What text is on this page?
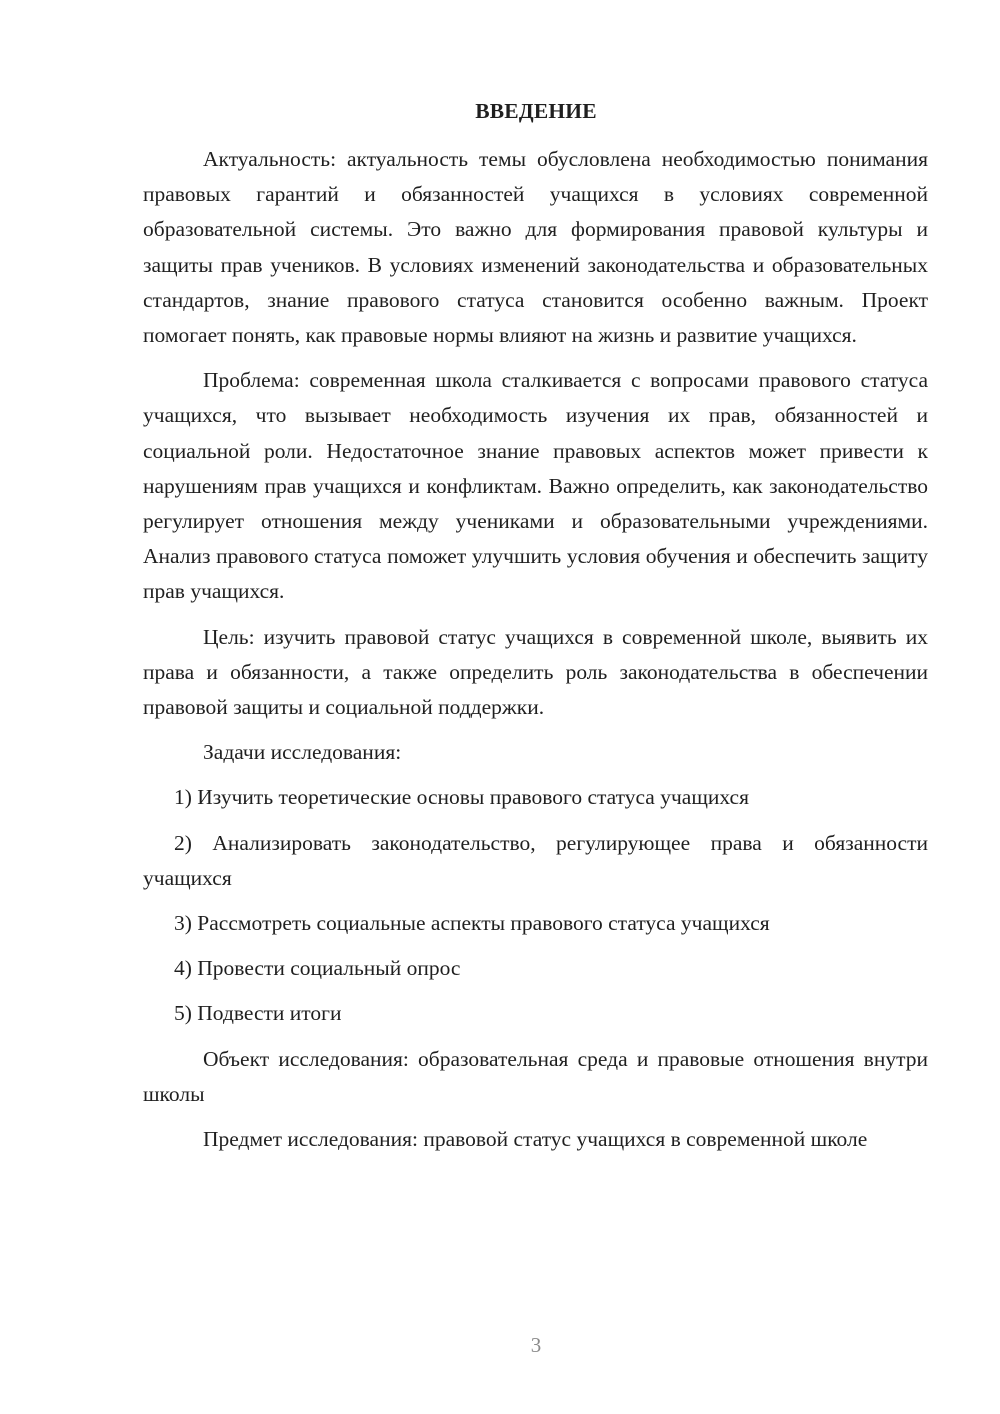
ВВЕДЕНИЕ

Актуальность: актуальность темы обусловлена необходимостью понимания правовых гарантий и обязанностей учащихся в условиях современной образовательной системы. Это важно для формирования правовой культуры и защиты прав учеников. В условиях изменений законодательства и образовательных стандартов, знание правового статуса становится особенно важным. Проект помогает понять, как правовые нормы влияют на жизнь и развитие учащихся.

Проблема: современная школа сталкивается с вопросами правового статуса учащихся, что вызывает необходимость изучения их прав, обязанностей и социальной роли. Недостаточное знание правовых аспектов может привести к нарушениям прав учащихся и конфликтам. Важно определить, как законодательство регулирует отношения между учениками и образовательными учреждениями. Анализ правового статуса поможет улучшить условия обучения и обеспечить защиту прав учащихся.

Цель: изучить правовой статус учащихся в современной школе, выявить их права и обязанности, а также определить роль законодательства в обеспечении правовой защиты и социальной поддержки.

Задачи исследования:

1) Изучить теоретические основы правового статуса учащихся

2) Анализировать законодательство, регулирующее права и обязанности учащихся

3) Рассмотреть социальные аспекты правового статуса учащихся

4) Провести социальный опрос

5) Подвести итоги

Объект исследования: образовательная среда и правовые отношения внутри школы

Предмет исследования: правовой статус учащихся в современной школе

3
